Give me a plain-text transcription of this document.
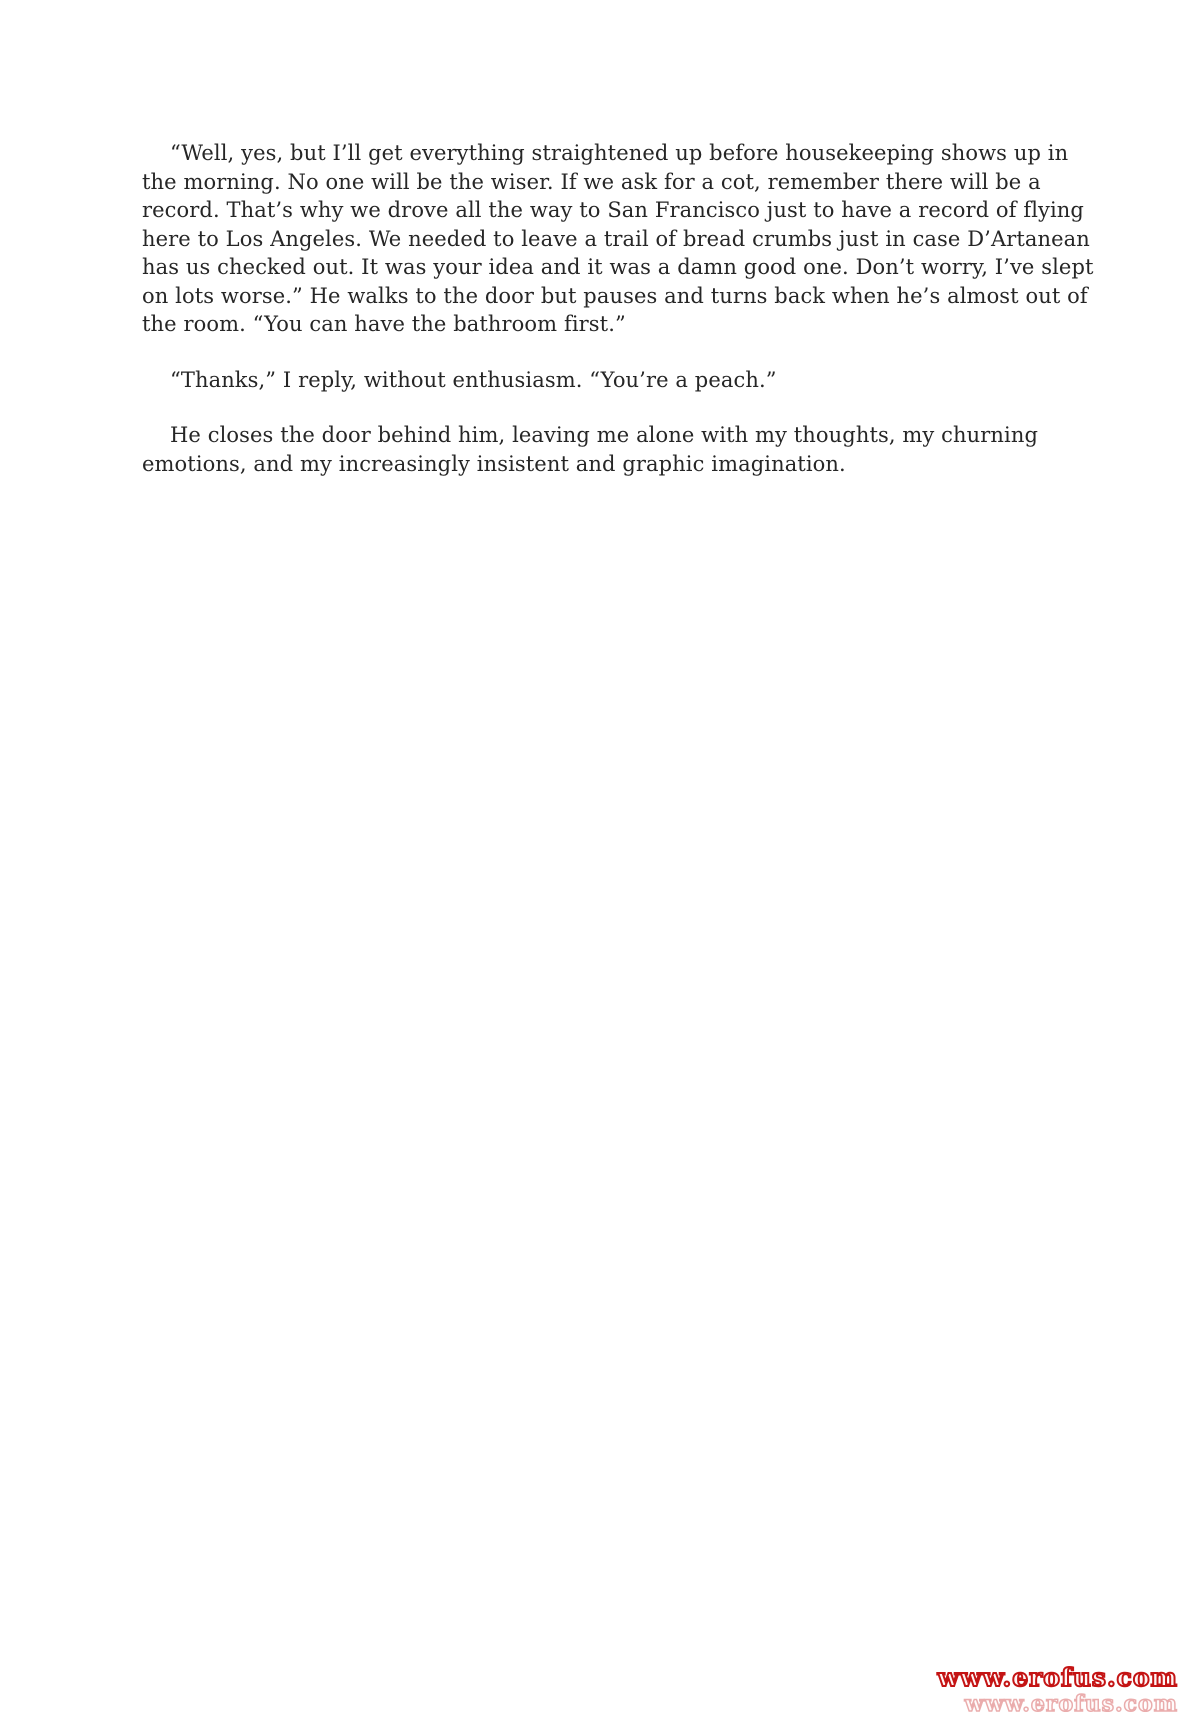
“Well, yes, but I’ll get everything straightened up before housekeeping shows up in
the morning. No one will be the wiser. If we ask for a cot, remember there will be a
record. That’s why we drove all the way to San Francisco just to have a record of flying
here to Los Angeles. We needed to leave a trail of bread crumbs just in case D’Artanean
has us checked out. It was your idea and it was a damn good one. Don’t worry, I’ve slept
on lots worse.” He walks to the door but pauses and turns back when he’s almost out of
the room. “You can have the bathroom first.”

“Thanks,” I reply, without enthusiasm. “You’re a peach.”

He closes the door behind him, leaving me alone with my thoughts, my churning
emotions, and my increasingly insistent and graphic imagination.

www.erofus.com
www.erofus.com
